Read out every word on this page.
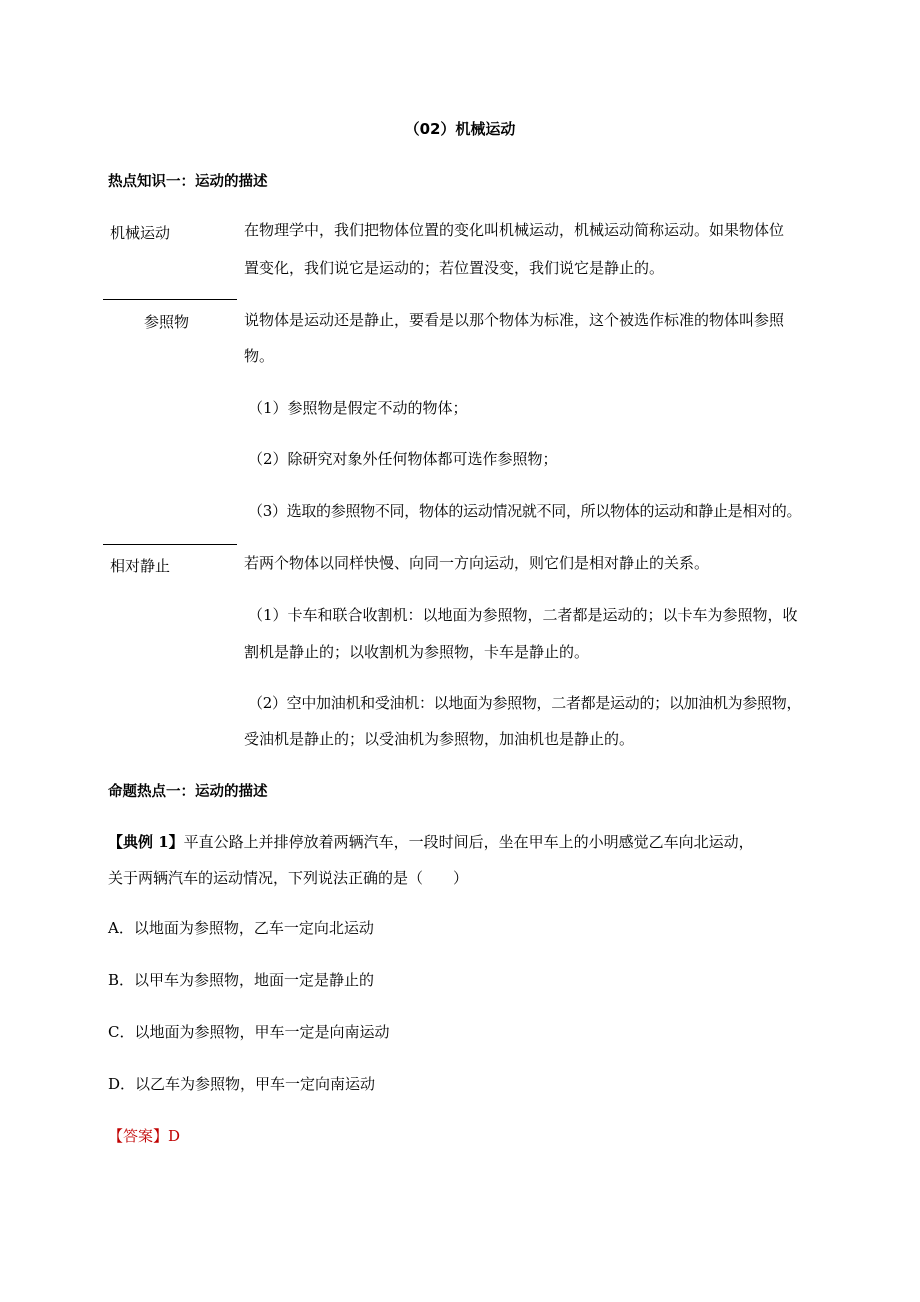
（02）机械运动
热点知识一：运动的描述
机械运动	在物理学中，我们把物体位置的变化叫机械运动，机械运动简称运动。如果物体位
置变化，我们说它是运动的；若位置没变，我们说它是静止的。
参照物	说物体是运动还是静止，要看是以那个物体为标准，这个被选作标准的物体叫参照
物。
（1）参照物是假定不动的物体；
（2）除研究对象外任何物体都可选作参照物；
（3）选取的参照物不同，物体的运动情况就不同，所以物体的运动和静止是相对的。
相对静止	若两个物体以同样快慢、向同一方向运动，则它们是相对静止的关系。
（1）卡车和联合收割机：以地面为参照物，二者都是运动的；以卡车为参照物，收
割机是静止的；以收割机为参照物，卡车是静止的。
（2）空中加油机和受油机：以地面为参照物，二者都是运动的；以加油机为参照物，
受油机是静止的；以受油机为参照物，加油机也是静止的。
命题热点一：运动的描述
【典例 1】平直公路上并排停放着两辆汽车，一段时间后，坐在甲车上的小明感觉乙车向北运动，
关于两辆汽车的运动情况，下列说法正确的是（　　）
A．以地面为参照物，乙车一定向北运动
B．以甲车为参照物，地面一定是静止的
C．以地面为参照物，甲车一定是向南运动
D．以乙车为参照物，甲车一定向南运动
【答案】D
